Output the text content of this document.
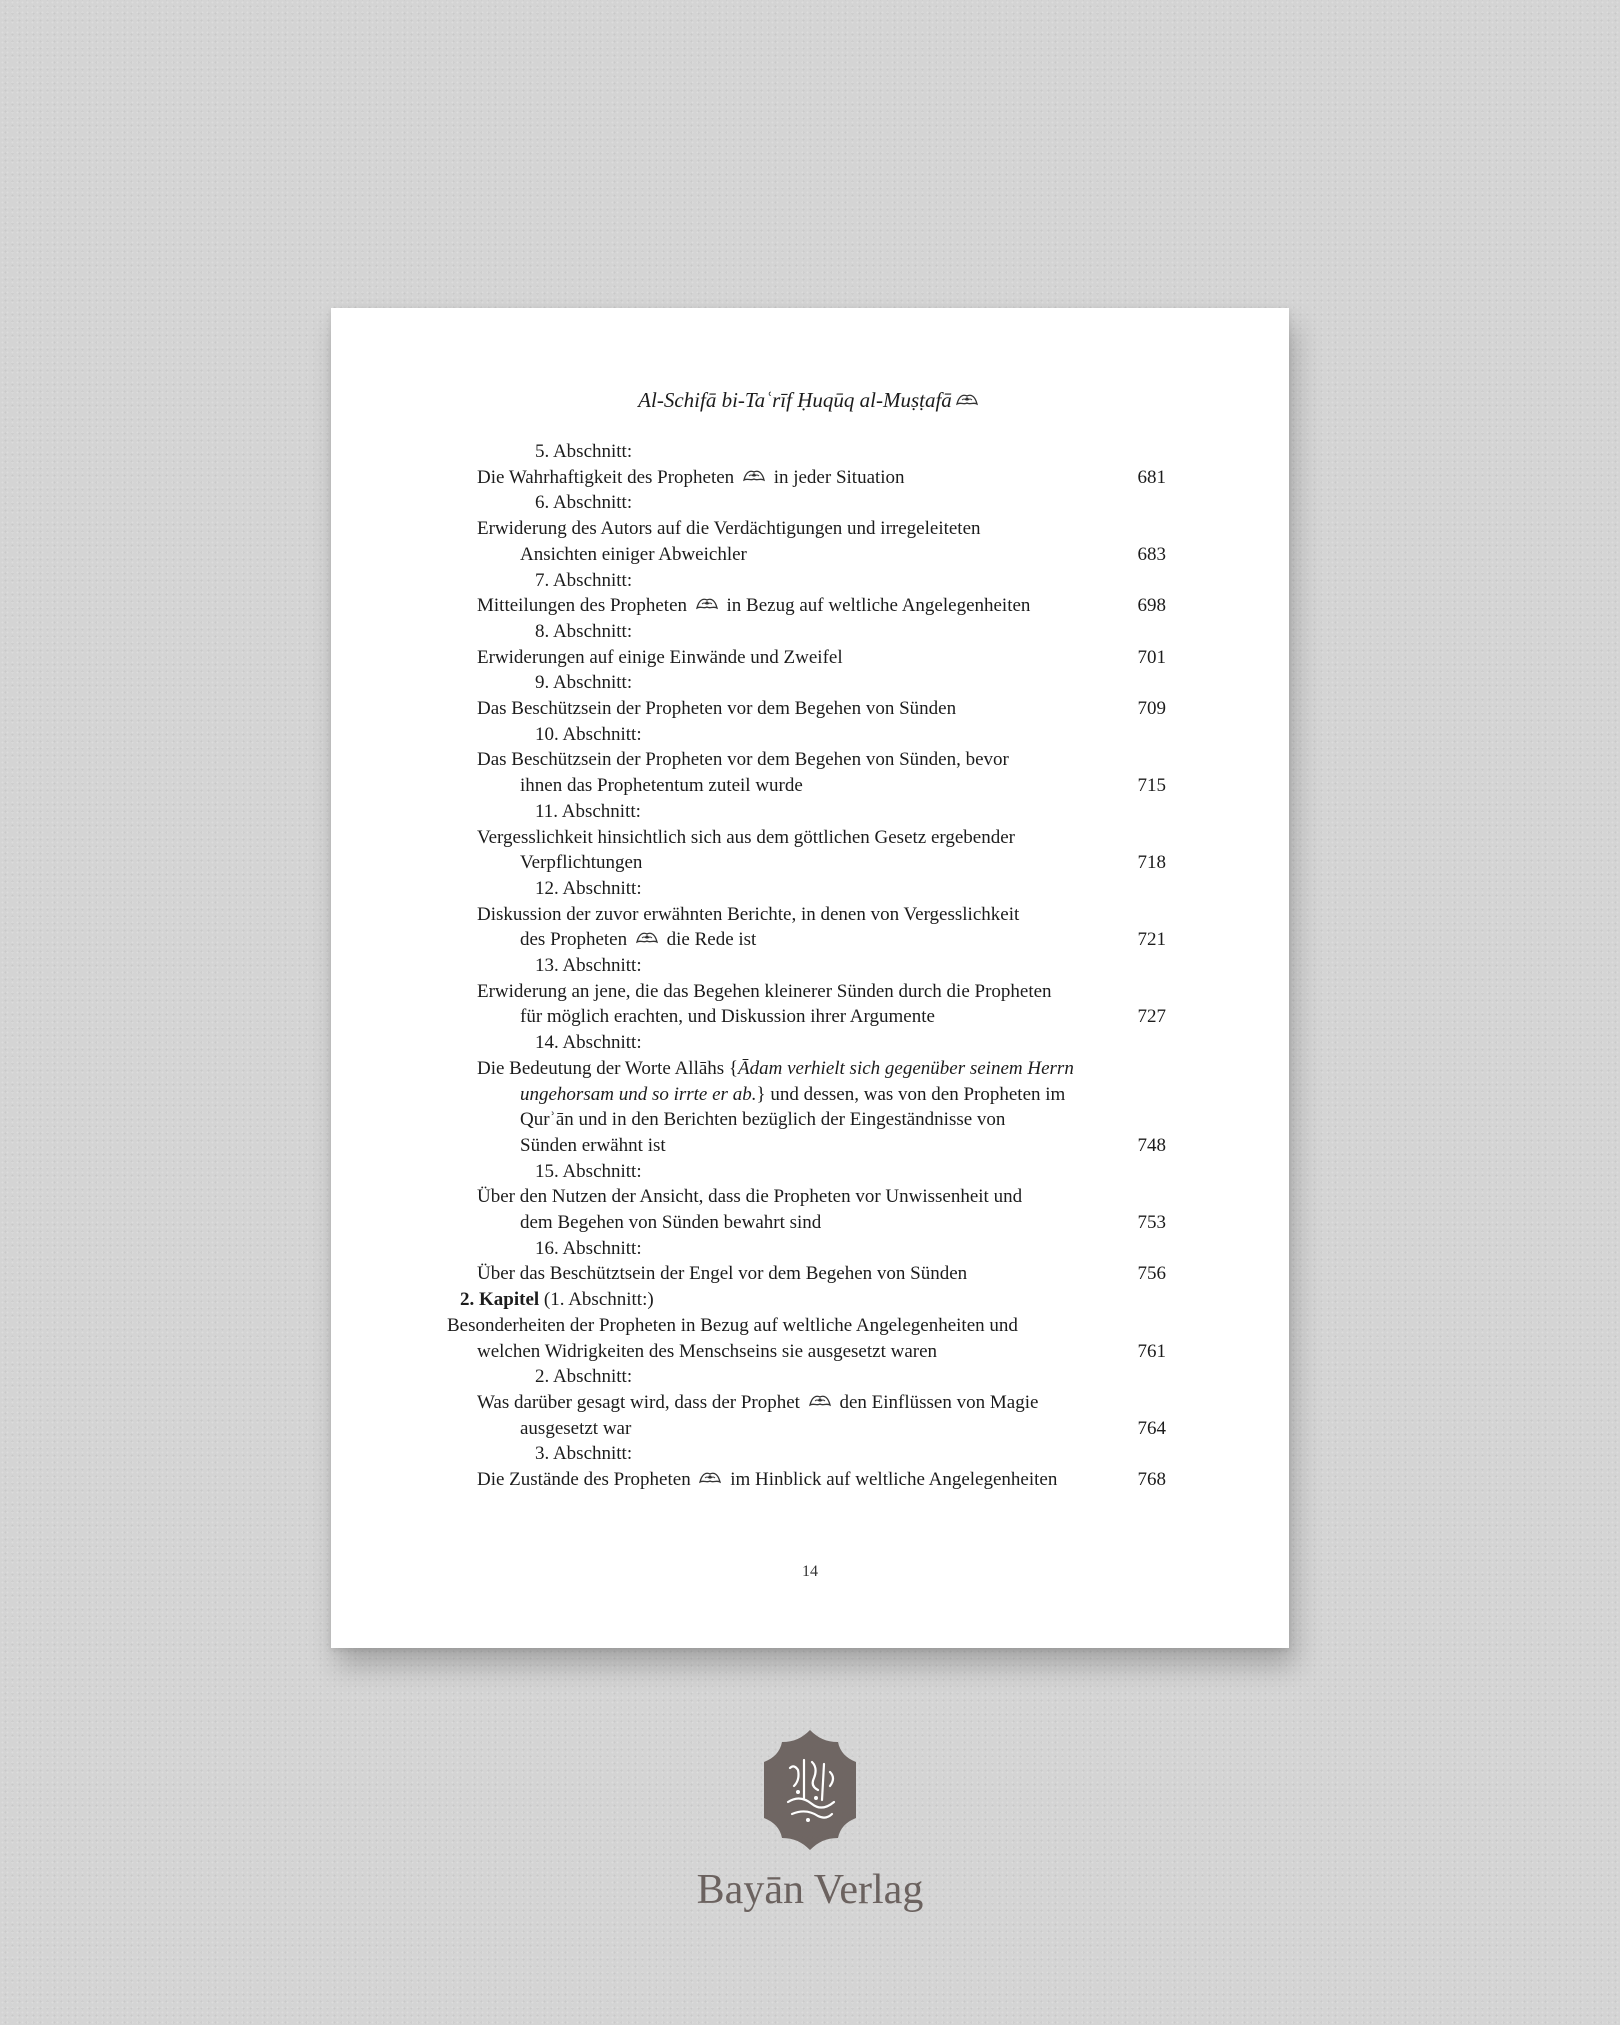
Al-Schifā bi-Taʿrīf Ḥuqūq al-Muṣṭafā
5. Abschnitt:
Die Wahrhaftigkeit des Propheten
in jeder Situation	681
6. Abschnitt:
Erwiderung des Autors auf die Verdächtigungen und irregeleiteten
Ansichten einiger Abweichler	683
7. Abschnitt:
Mitteilungen des Propheten
in Bezug auf weltliche Angelegenheiten	698
8. Abschnitt:
Erwiderungen auf einige Einwände und Zweifel	701
9. Abschnitt:
Das Beschützsein der Propheten vor dem Begehen von Sünden	709
10. Abschnitt:
Das Beschützsein der Propheten vor dem Begehen von Sünden, bevor
ihnen das Prophetentum zuteil wurde	715
11. Abschnitt:
Vergesslichkeit hinsichtlich sich aus dem göttlichen Gesetz ergebender
Verpflichtungen	718
12. Abschnitt:
Diskussion der zuvor erwähnten Berichte, in denen von Vergesslichkeit
des Propheten
die Rede ist	721
13. Abschnitt:
Erwiderung an jene, die das Begehen kleinerer Sünden durch die Propheten
für möglich erachten, und Diskussion ihrer Argumente	727
14. Abschnitt:
Die Bedeutung der Worte Allāhs {Ādam verhielt sich gegenüber seinem Herrn
ungehorsam und so irrte er ab.} und dessen, was von den Propheten im
Qurʾān und in den Berichten bezüglich der Eingeständnisse von
Sünden erwähnt ist	748
15. Abschnitt:
Über den Nutzen der Ansicht, dass die Propheten vor Unwissenheit und
dem Begehen von Sünden bewahrt sind	753
16. Abschnitt:
Über das Beschütztsein der Engel vor dem Begehen von Sünden	756
2. Kapitel (1. Abschnitt:)
Besonderheiten der Propheten in Bezug auf weltliche Angelegenheiten und
welchen Widrigkeiten des Menschseins sie ausgesetzt waren	761
2. Abschnitt:
Was darüber gesagt wird, dass der Prophet
den Einflüssen von Magie
ausgesetzt war	764
3. Abschnitt:
Die Zustände des Propheten
im Hinblick auf weltliche Angelegenheiten	768
14
Bayān Verlag
